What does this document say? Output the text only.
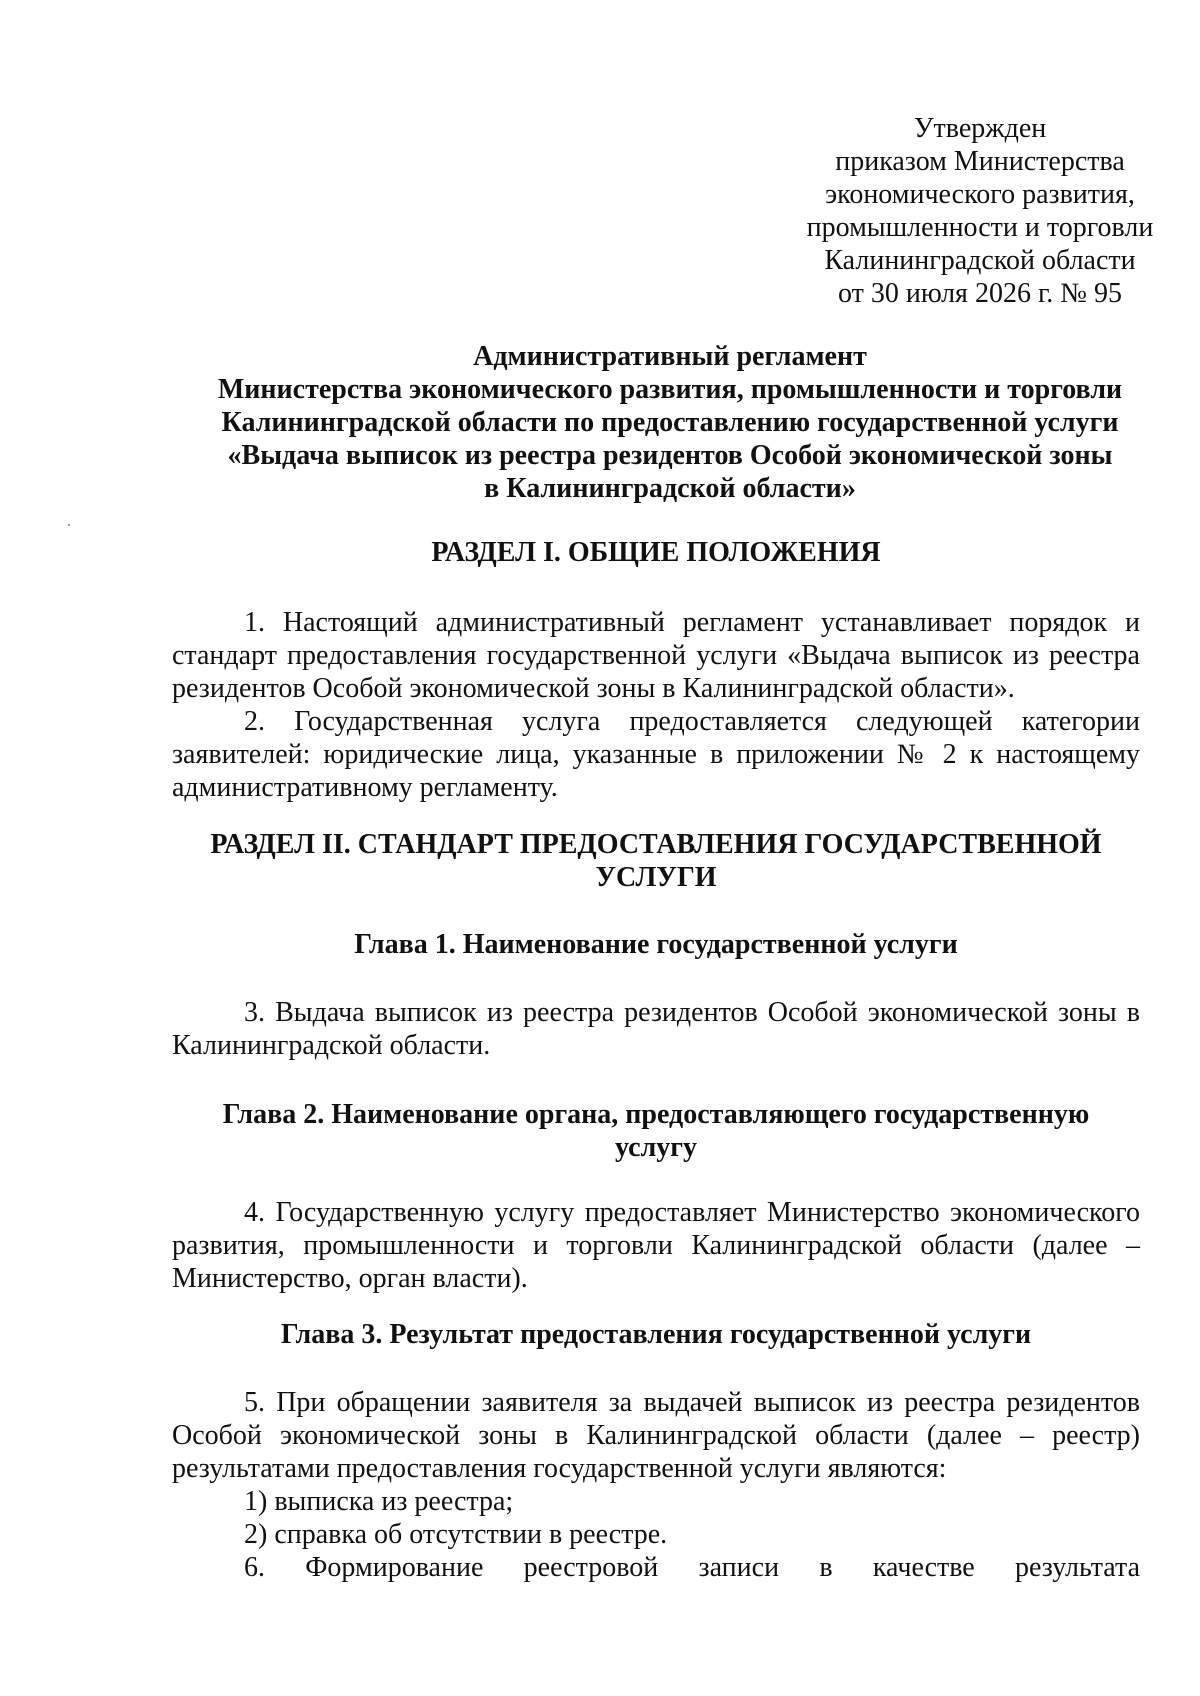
Утвержден
приказом Министерства
экономического развития,
промышленности и торговли
Калининградской области
от 30 июля 2026 г. № 95
Административный регламент
Министерства экономического развития, промышленности и торговли
Калининградской области по предоставлению государственной услуги
«Выдача выписок из реестра резидентов Особой экономической зоны
в Калининградской области»
РАЗДЕЛ I. ОБЩИЕ ПОЛОЖЕНИЯ

1. Настоящий административный регламент устанавливает порядок и стандарт предоставления государственной услуги «Выдача выписок из реестра резидентов Особой экономической зоны в Калининградской области».

2. Государственная услуга предоставляется следующей категории заявителей: юридические лица, указанные в приложении № 2 к настоящему административному регламенту.

РАЗДЕЛ II. СТАНДАРТ ПРЕДОСТАВЛЕНИЯ ГОСУДАРСТВЕННОЙ
УСЛУГИ
Глава 1. Наименование государственной услуги

3. Выдача выписок из реестра резидентов Особой экономической зоны в Калининградской области.

Глава 2. Наименование органа, предоставляющего государственную
услугу

4. Государственную услугу предоставляет Министерство экономического развития, промышленности и торговли Калининградской области (далее – Министерство, орган власти).

Глава 3. Результат предоставления государственной услуги

5. При обращении заявителя за выдачей выписок из реестра резидентов Особой экономической зоны в Калининградской области (далее – реестр) результатами предоставления государственной услуги являются:

1) выписка из реестра;

2) справка об отсутствии в реестре.

6. Формирование реестровой записи в качестве результата
